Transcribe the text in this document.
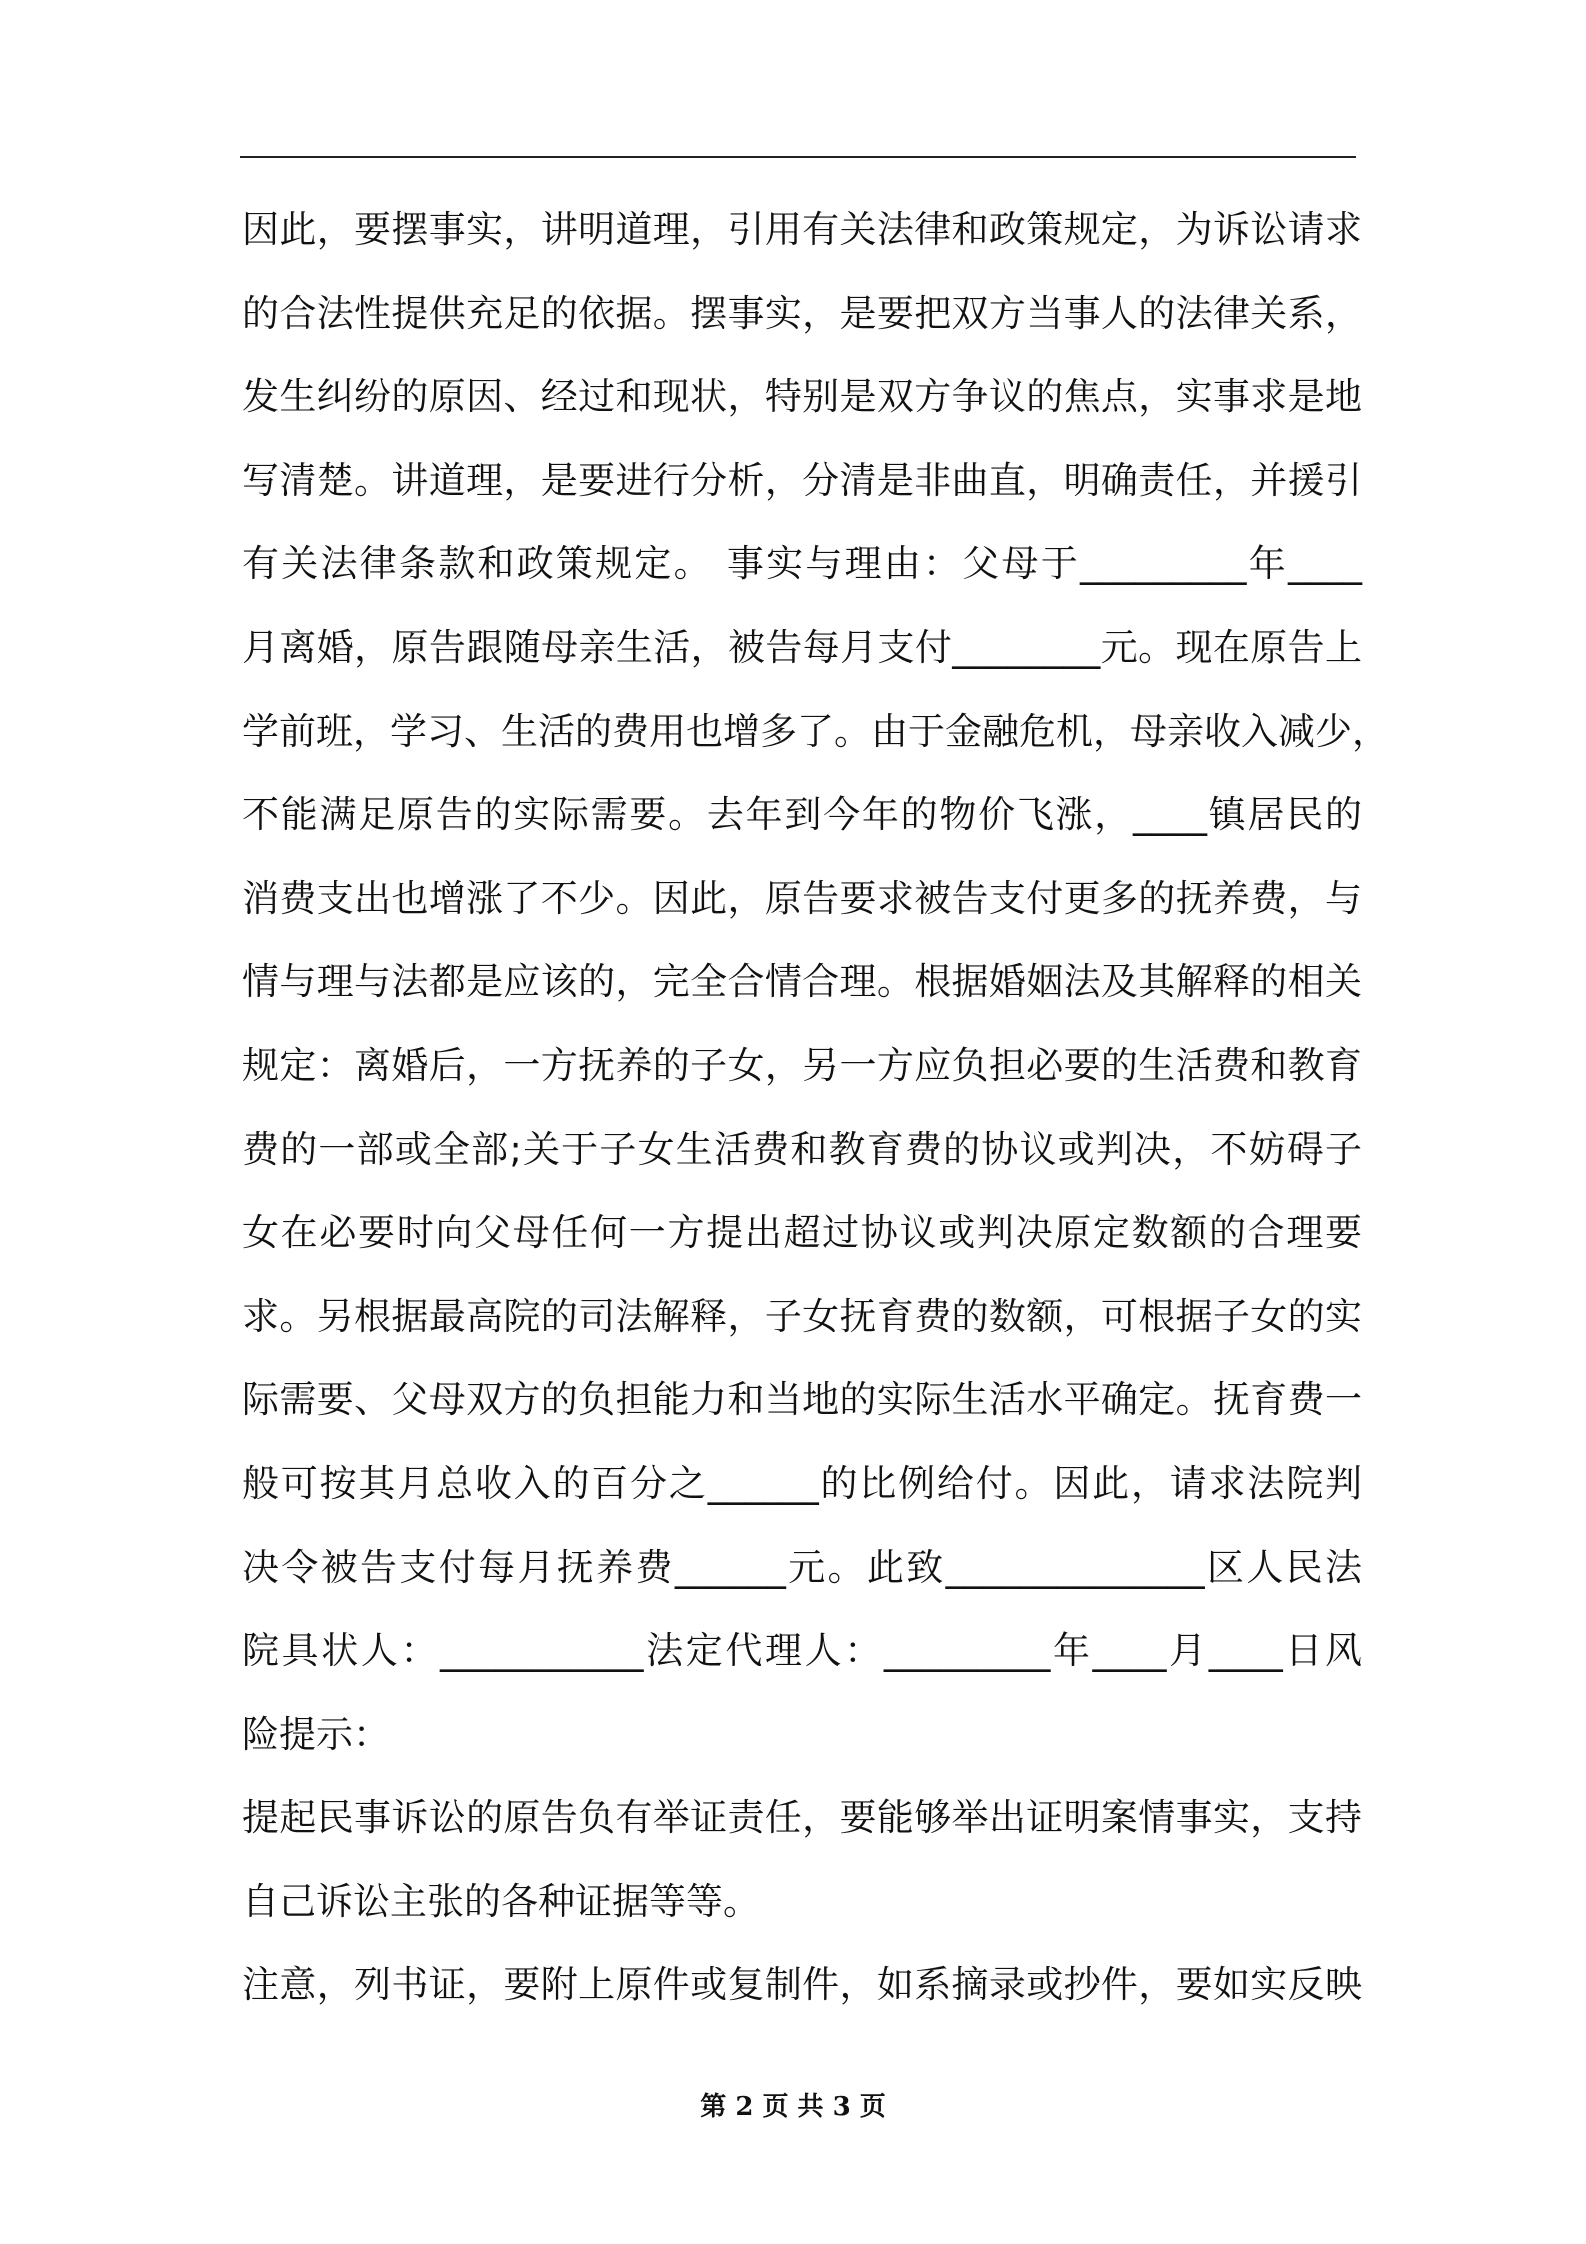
因此，要摆事实，讲明道理，引用有关法律和政策规定，为诉讼请求
的合法性提供充足的依据。摆事实，是要把双方当事人的法律关系，
发生纠纷的原因、经过和现状，特别是双方争议的焦点，实事求是地
写清楚。讲道理，是要进行分析，分清是非曲直，明确责任，并援引
有关法律条款和政策规定。 事实与理由：父母于_________年____
月离婚，原告跟随母亲生活，被告每月支付________元。现在原告上
学前班，学习、生活的费用也增多了。由于金融危机，母亲收入减少，
不能满足原告的实际需要。去年到今年的物价飞涨，____镇居民的
消费支出也增涨了不少。因此，原告要求被告支付更多的抚养费，与
情与理与法都是应该的，完全合情合理。根据婚姻法及其解释的相关
规定：离婚后，一方抚养的子女，另一方应负担必要的生活费和教育
费的一部或全部;关于子女生活费和教育费的协议或判决，不妨碍子
女在必要时向父母任何一方提出超过协议或判决原定数额的合理要
求。另根据最高院的司法解释，子女抚育费的数额，可根据子女的实
际需要、父母双方的负担能力和当地的实际生活水平确定。抚育费一
般可按其月总收入的百分之______的比例给付。因此，请求法院判
决令被告支付每月抚养费______元。此致______________区人民法
院具状人：___________法定代理人：_________年____月____日风
险提示：
提起民事诉讼的原告负有举证责任，要能够举出证明案情事实，支持
自己诉讼主张的各种证据等等。
注意，列书证，要附上原件或复制件，如系摘录或抄件，要如实反映
第 2 页 共 3 页
